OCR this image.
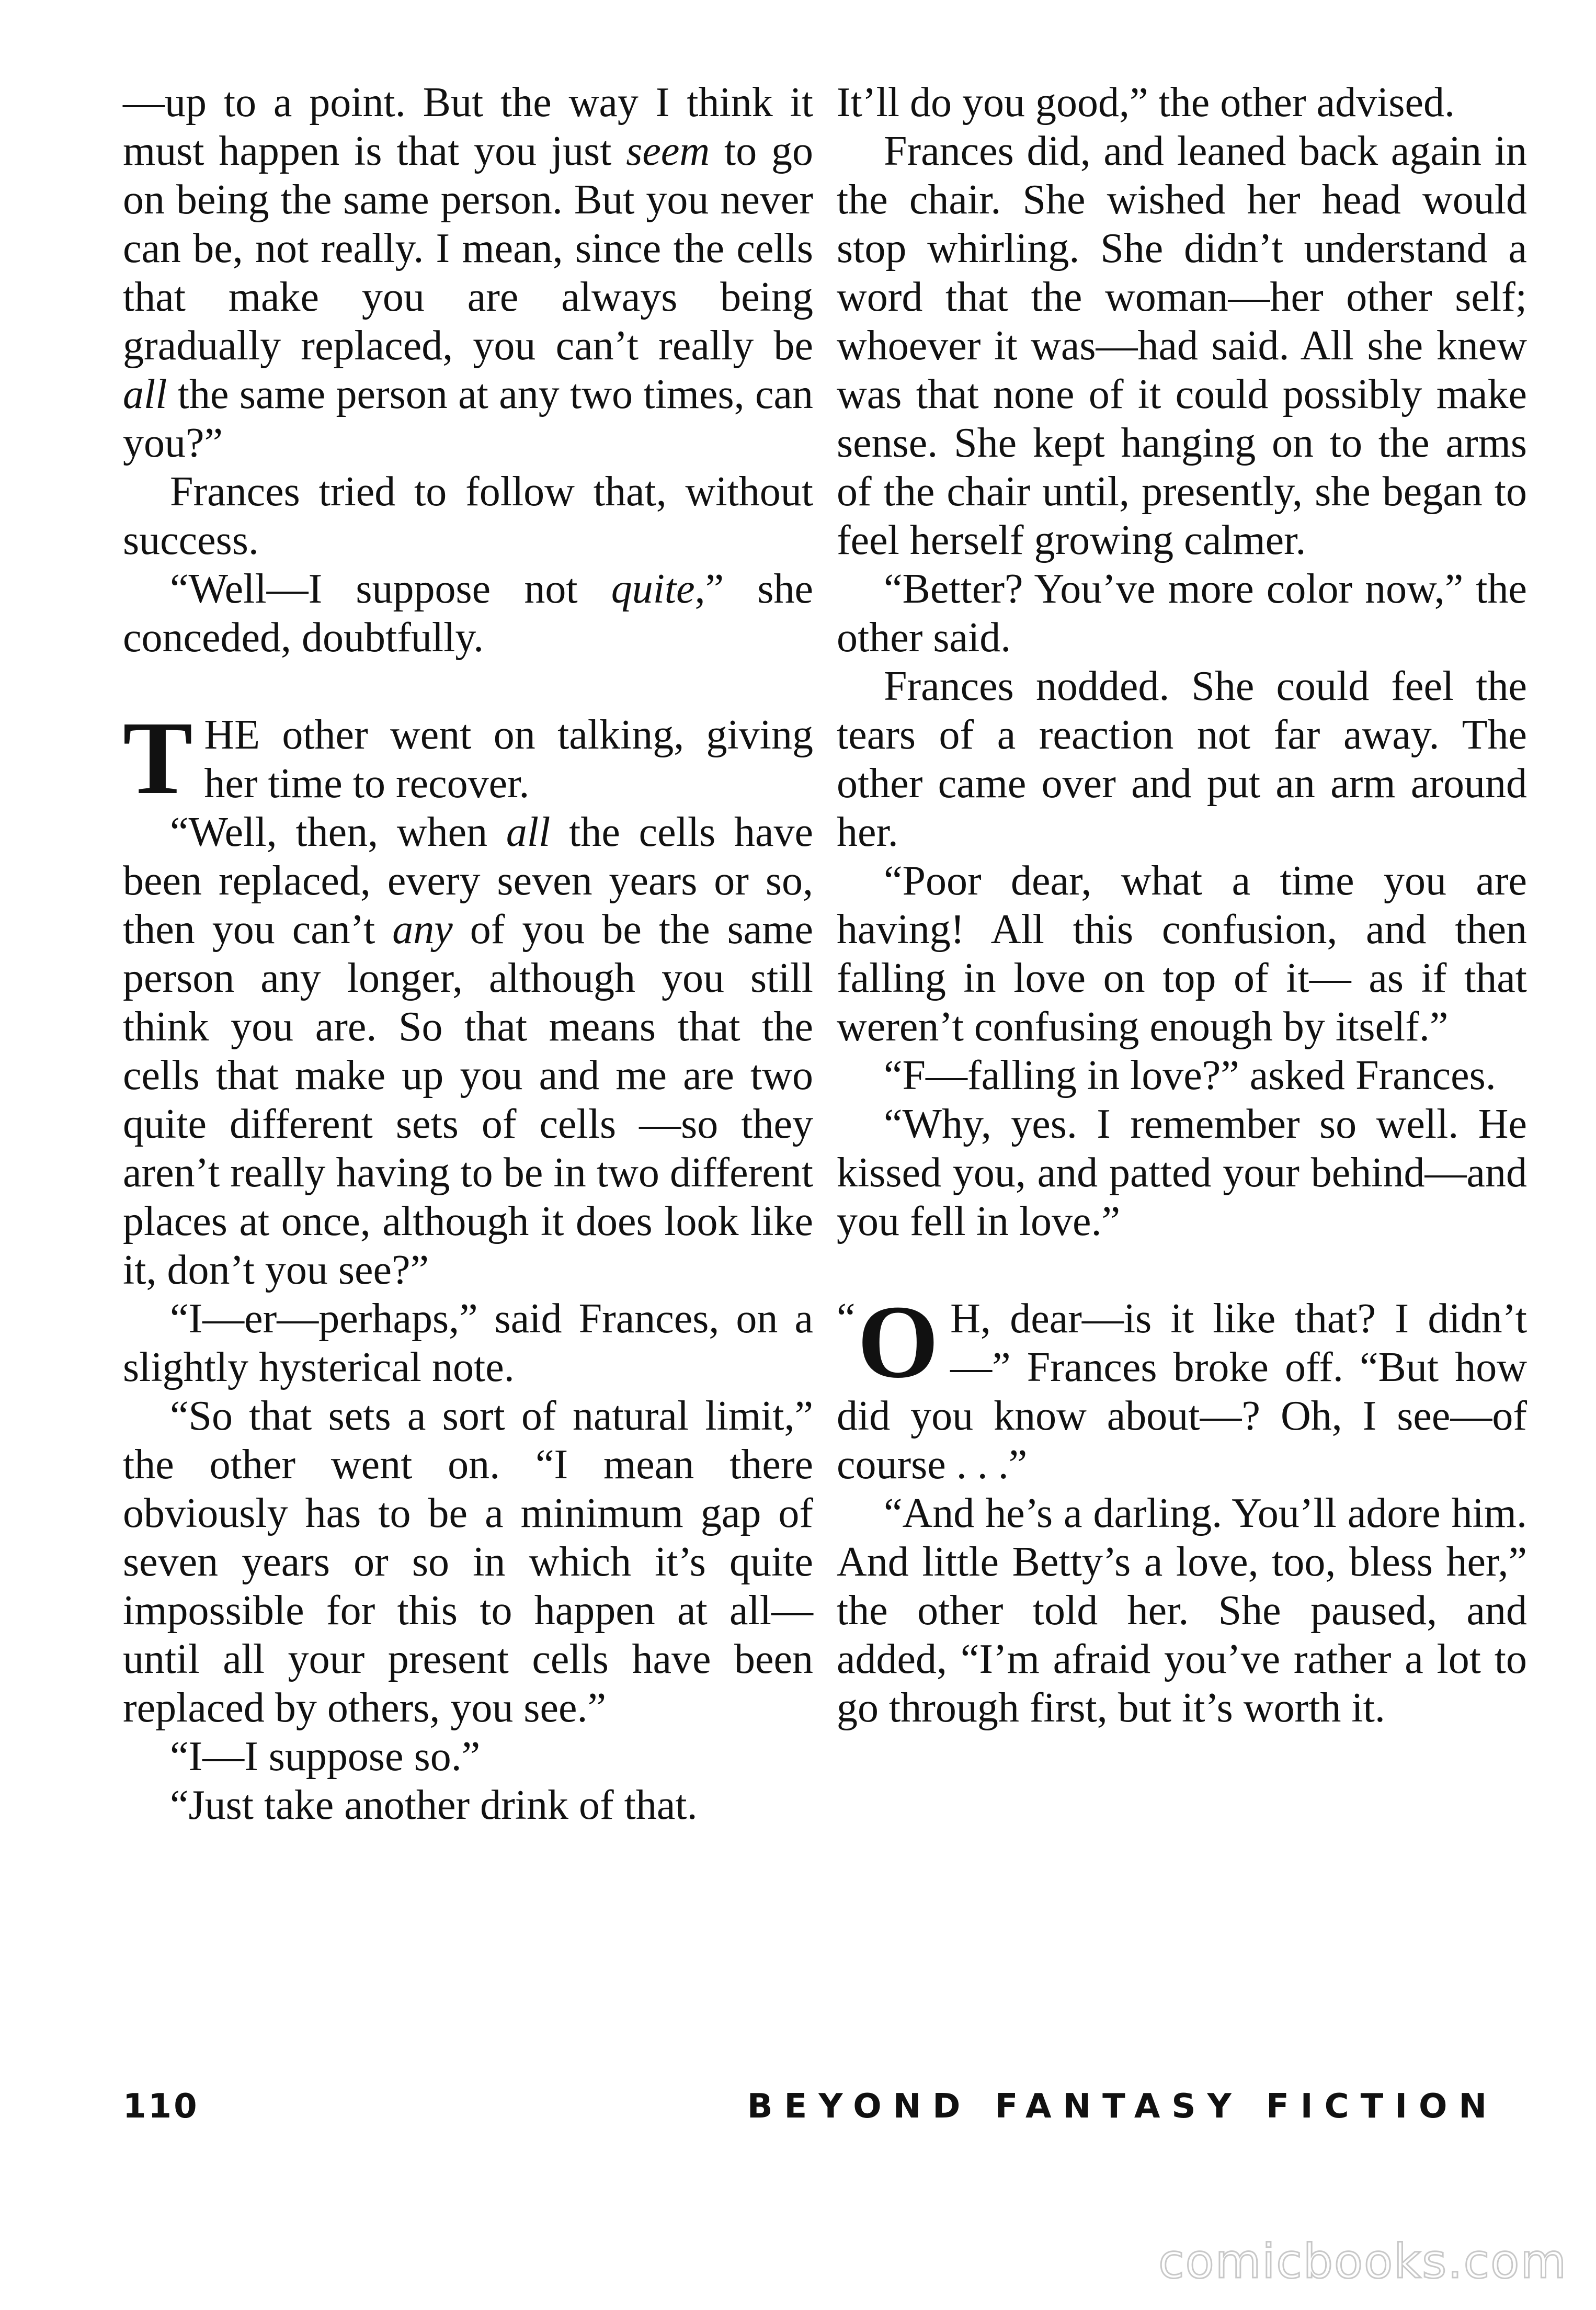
—up to a point. But the way I think it must happen is that you just seem to go on being the same person. But you never can be, not really. I mean, since the cells that make you are always being gradually replaced, you can’t really be all the same person at any two times, can you?”

Frances tried to follow that, without success.

“Well—I suppose not quite,” she conceded, doubtfully.

THE other went on talking, giving her time to recover.

“Well, then, when all the cells have been replaced, every seven years or so, then you can’t any of you be the same person any longer, although you still think you are. So that means that the cells that make up you and me are two quite different sets of cells —so they aren’t really having to be in two different places at once, although it does look like it, don’t you see?”

“I—er—perhaps,” said Frances, on a slightly hysterical note.

“So that sets a sort of natural limit,” the other went on. “I mean there obviously has to be a minimum gap of seven years or so in which it’s quite impossible for this to happen at all—until all your present cells have been replaced by others, you see.”

“I—I suppose so.”

“Just take another drink of that.

It’ll do you good,” the other advised.

Frances did, and leaned back again in the chair. She wished her head would stop whirling. She didn’t understand a word that the woman—her other self; whoever it was—had said. All she knew was that none of it could possibly make sense. She kept hanging on to the arms of the chair until, presently, she began to feel herself growing calmer.

“Better? You’ve more color now,” the other said.

Frances nodded. She could feel the tears of a reaction not far away. The other came over and put an arm around her.

“Poor dear, what a time you are having! All this confusion, and then falling in love on top of it— as if that weren’t confusing enough by itself.”

“F—falling in love?” asked Frances.

“Why, yes. I remember so well. He kissed you, and patted your behind—and you fell in love.”

“ O H, dear—is it like that? I didn’t—” Frances broke off. “But how did you know about—? Oh, I see—of course . . .”

“And he’s a darling. You’ll adore him. And little Betty’s a love, too, bless her,” the other told her. She paused, and added, “I’m afraid you’ve rather a lot to go through first, but it’s worth it.

110	BEYOND FANTASY FICTION
comicbooks.com
